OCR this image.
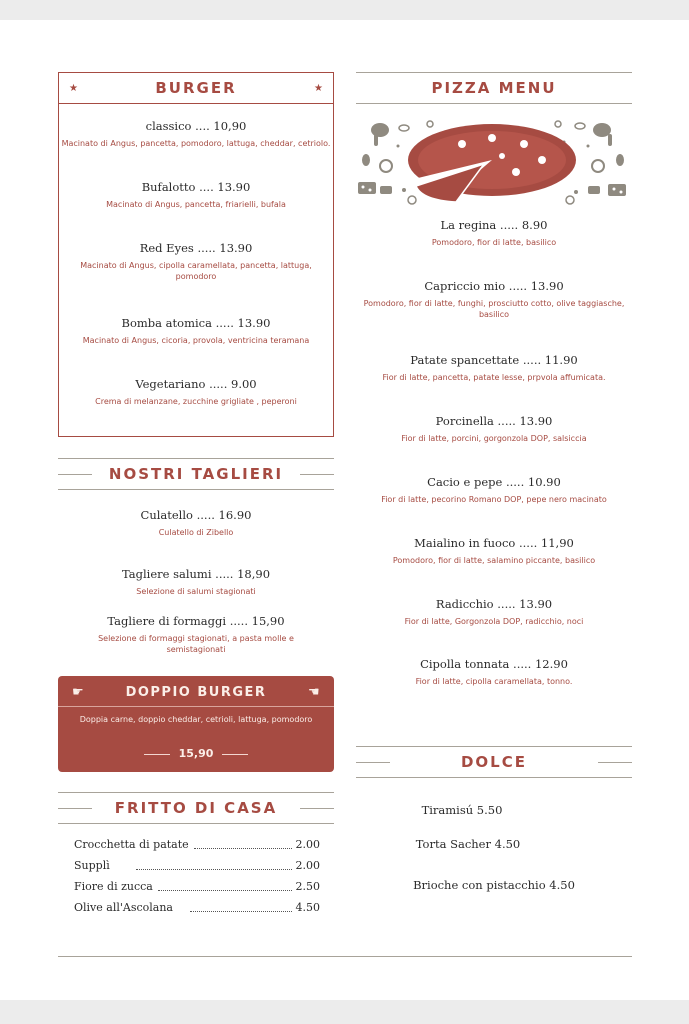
★	BURGER	★
classico .... 10,90
Macinato di Angus, pancetta, pomodoro, lattuga, cheddar, cetriolo.
Bufalotto .... 13.90
Macinato di Angus, pancetta, friarielli, bufala
Red Eyes ..... 13.90
Macinato di Angus, cipolla caramellata, pancetta, lattuga, pomodoro
Bomba atomica ..... 13.90
Macinato di Angus, cicoria, provola, ventricina teramana
Vegetariano ..... 9.00
Crema di melanzane, zucchine grigliate , peperoni
NOSTRI TAGLIERI
Culatello ..... 16.90
Culatello di Zibello
Tagliere salumi ..... 18,90
Selezione di salumi stagionati
Tagliere di formaggi ..... 15,90
Selezione di formaggi stagionati, a pasta molle e semistagionati
☛	DOPPIO BURGER	☛
Doppia carne, doppio cheddar, cetrioli, lattuga, pomodoro
15,90
FRITTO DI CASA
Crocchetta di patate	2.00
Supplì	2.00
Fiore di zucca	2.50
Olive all'Ascolana	4.50
PIZZA MENU
La regina ..... 8.90
Pomodoro, fior di latte, basilico
Capriccio mio ..... 13.90
Pomodoro, fior di latte, funghi, prosciutto cotto, olive taggiasche, basilico
Patate spancettate ..... 11.90
Fior di latte, pancetta, patate lesse, prpvola affumicata.
Porcinella ..... 13.90
Fior di latte, porcini, gorgonzola DOP, salsiccia
Cacio e pepe ..... 10.90
Fior di latte, pecorino Romano DOP, pepe nero macinato
Maialino in fuoco ..... 11,90
Pomodoro, fior di latte, salamino piccante, basilico
Radicchio ..... 13.90
Fior di latte, Gorgonzola DOP, radicchio, noci
Cipolla tonnata ..... 12.90
Fior di latte, cipolla caramellata, tonno.
DOLCE
Tiramisú 5.50
Torta Sacher 4.50
Brioche con pistacchio 4.50
